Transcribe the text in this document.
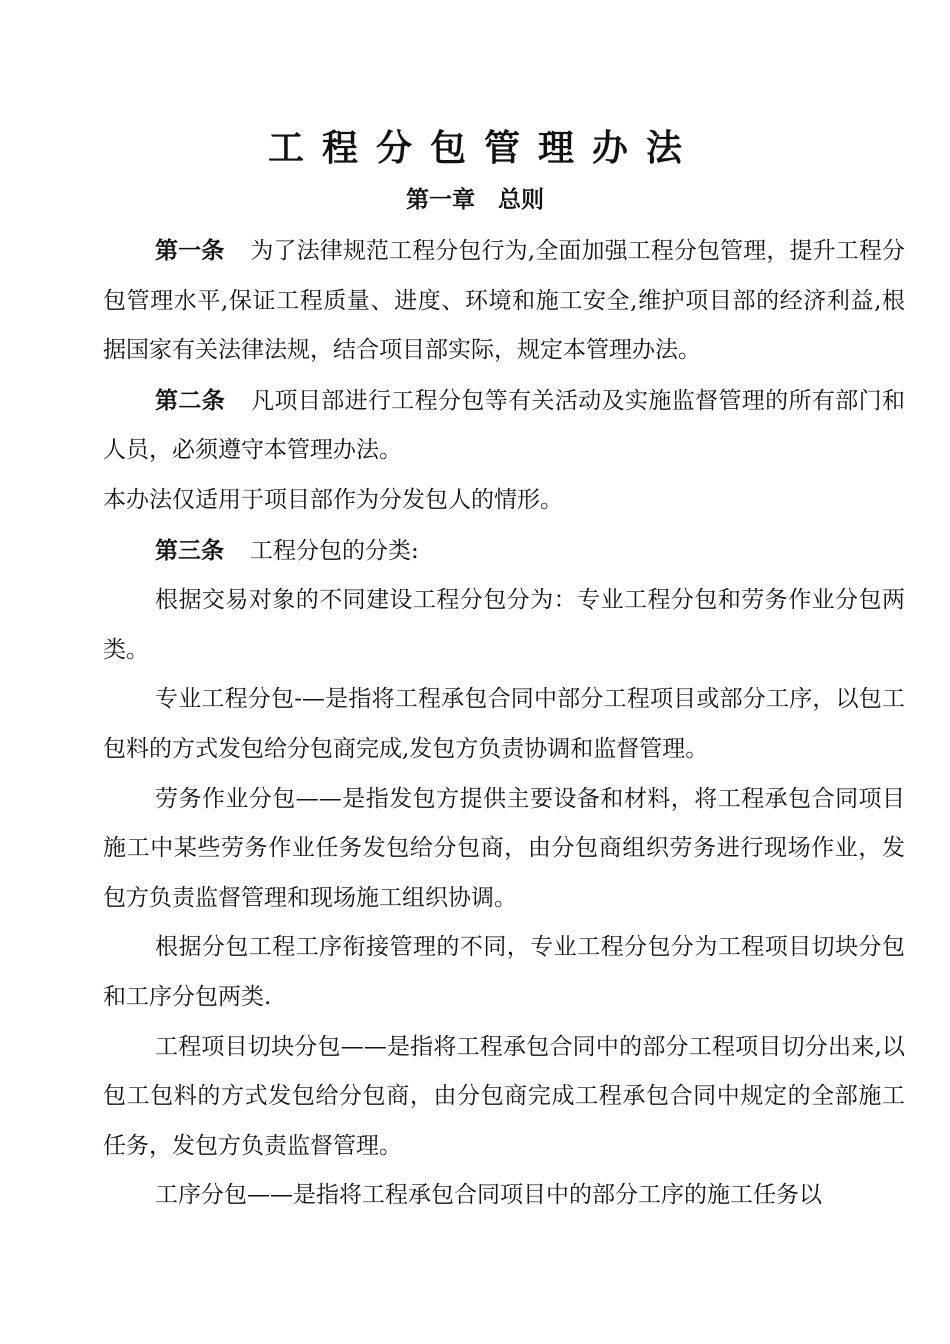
工程分包管理办法
第一章　总则

第一条 为了法律规范工程分包行为,全面加强工程分包管理，提升工程分包管理水平,保证工程质量、进度、环境和施工安全,维护项目部的经济利益,根据国家有关法律法规，结合项目部实际，规定本管理办法。

第二条 凡项目部进行工程分包等有关活动及实施监督管理的所有部门和人员，必须遵守本管理办法。

本办法仅适用于项目部作为分发包人的情形。

第三条 工程分包的分类:

根据交易对象的不同建设工程分包分为：专业工程分包和劳务作业分包两类。

专业工程分包-—是指将工程承包合同中部分工程项目或部分工序，以包工包料的方式发包给分包商完成,发包方负责协调和监督管理。

劳务作业分包——是指发包方提供主要设备和材料，将工程承包合同项目施工中某些劳务作业任务发包给分包商，由分包商组织劳务进行现场作业，发包方负责监督管理和现场施工组织协调。

根据分包工程工序衔接管理的不同，专业工程分包分为工程项目切块分包和工序分包两类.

工程项目切块分包——是指将工程承包合同中的部分工程项目切分出来,以包工包料的方式发包给分包商，由分包商完成工程承包合同中规定的全部施工任务，发包方负责监督管理。

工序分包——是指将工程承包合同项目中的部分工序的施工任务以
